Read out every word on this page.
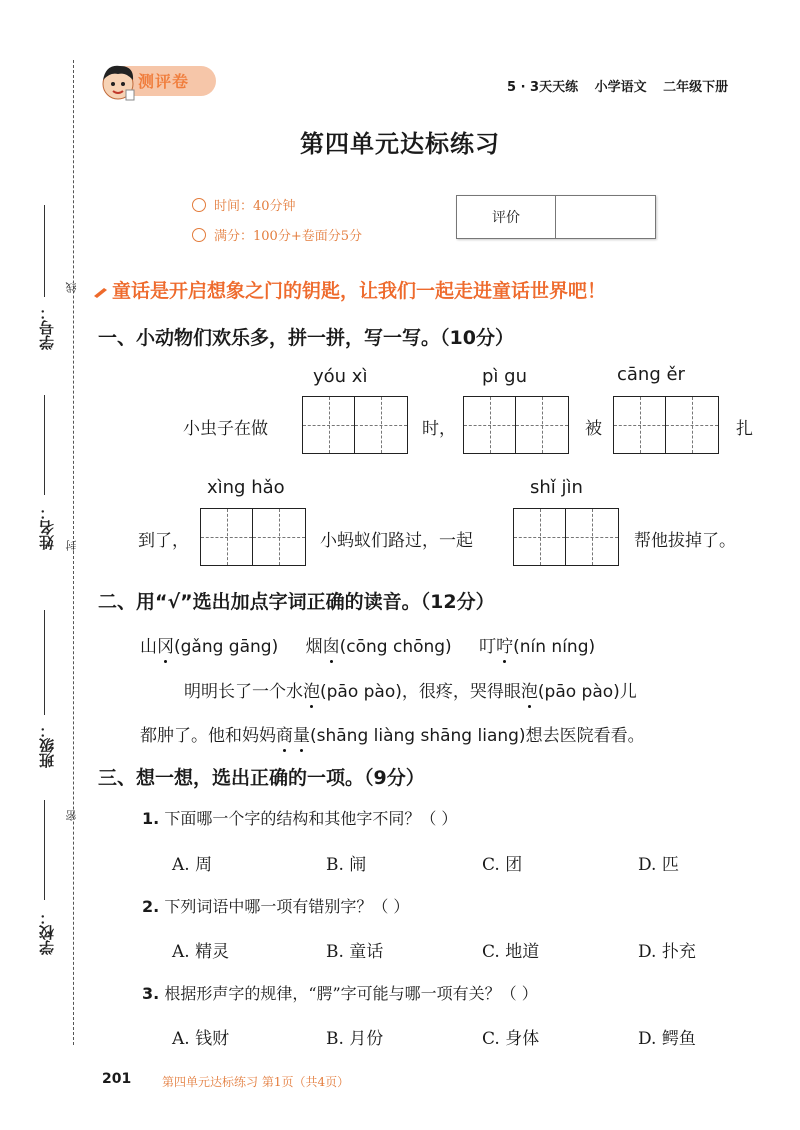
线
封
密
学号：
姓名：
班级：
学校：
测评卷	5 · 3天天练 小学语文 二年级下册
第四单元达标练习
时间：40分钟
满分：100分+卷面分5分
评价
童话是开启想象之门的钥匙，让我们一起走进童话世界吧！
一、小动物们欢乐多，拼一拼，写一写。（10分）
yóu xì	pì gu	cāng ěr
小虫子在做	时，	被	扎
xìng hǎo	shǐ jìn
到了，	小蚂蚁们路过，一起	帮他拔掉了。
二、用“√”选出加点字词正确的读音。（12分）
山冈(gǎng gāng) 烟囱(cōng chōng) 叮咛(nín níng)
明明长了一个水泡(pāo pào)，很疼，哭得眼泡(pāo pào)儿
都肿了。他和妈妈商量(shāng liàng shāng liang)想去医院看看。
三、想一想，选出正确的一项。（9分）
1. 下面哪一个字的结构和其他字不同？（ ）
A. 周	B. 闹	C. 团	D. 匹
2. 下列词语中哪一项有错别字？（ ）
A. 精灵	B. 童话	C. 地道	D. 扑充
3. 根据形声字的规律，“腭”字可能与哪一项有关？（ ）
A. 钱财	B. 月份	C. 身体	D. 鳄鱼
201	第四单元达标练习 第1页（共4页）
